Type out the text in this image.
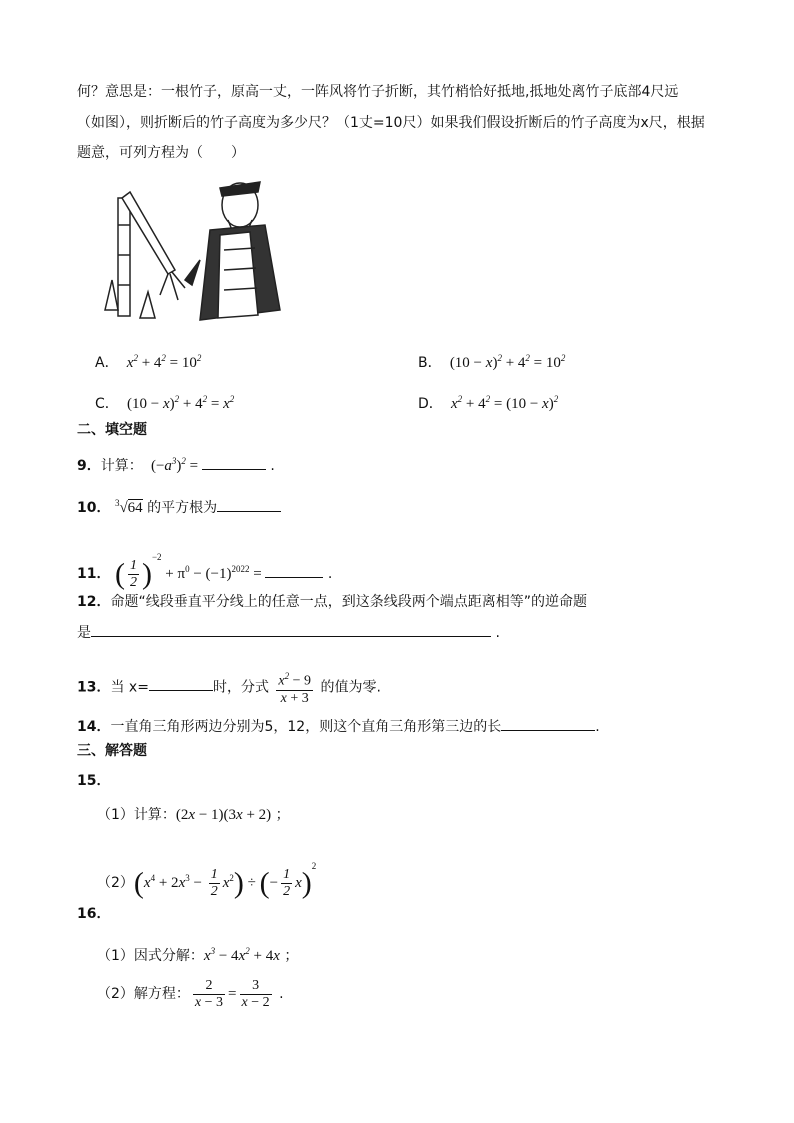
何？意思是：一根竹子，原高一丈，一阵风将竹子折断，其竹梢恰好抵地,抵地处离竹子底部4尺远
（如图），则折断后的竹子高度为多少尺？（1丈=10尺）如果我们假设折断后的竹子高度为x尺，根据
题意，可列方程为（　　）
A．  $x^2 + 4^2 = 10^2$	B． $(10 - x)^2 + 4^2 = 10^2$
C． $(10 - x)^2 + 4^2 = x^2$	D．  $x^2 + 4^2 = (10 - x)^2$
二、填空题
9．计算： $(-a^3)^2$ =	.
10． $^3$√64 的平方根为
11． ( $\frac{1}{2} )^{-2} + \pi^0 - (-1)^{2022}$ =	.
12．命题“线段垂直平分线上的任意一点，到这条线段两个端点距离相等”的逆命题
是	.
13．当 x=	时，分式 $\frac{x^2 - 9}{x + 3}$ 的值为零.
14．一直角三角形两边分别为5，12，则这个直角三角形第三边的长	.
三、解答题
15．
（1）计算：(2x − 1)(3x + 2) ；
$(2)(x^4 + 2x^3 - \frac{1}{2} x^2)$ ÷ (− $\frac{1}{2} x)^2$
16．
（1）因式分解：$x^3 - 4x^2 + 4x$ ；
（2）解方程： $\frac{2}{x - 3} = \frac{3}{x - 2}$ .
